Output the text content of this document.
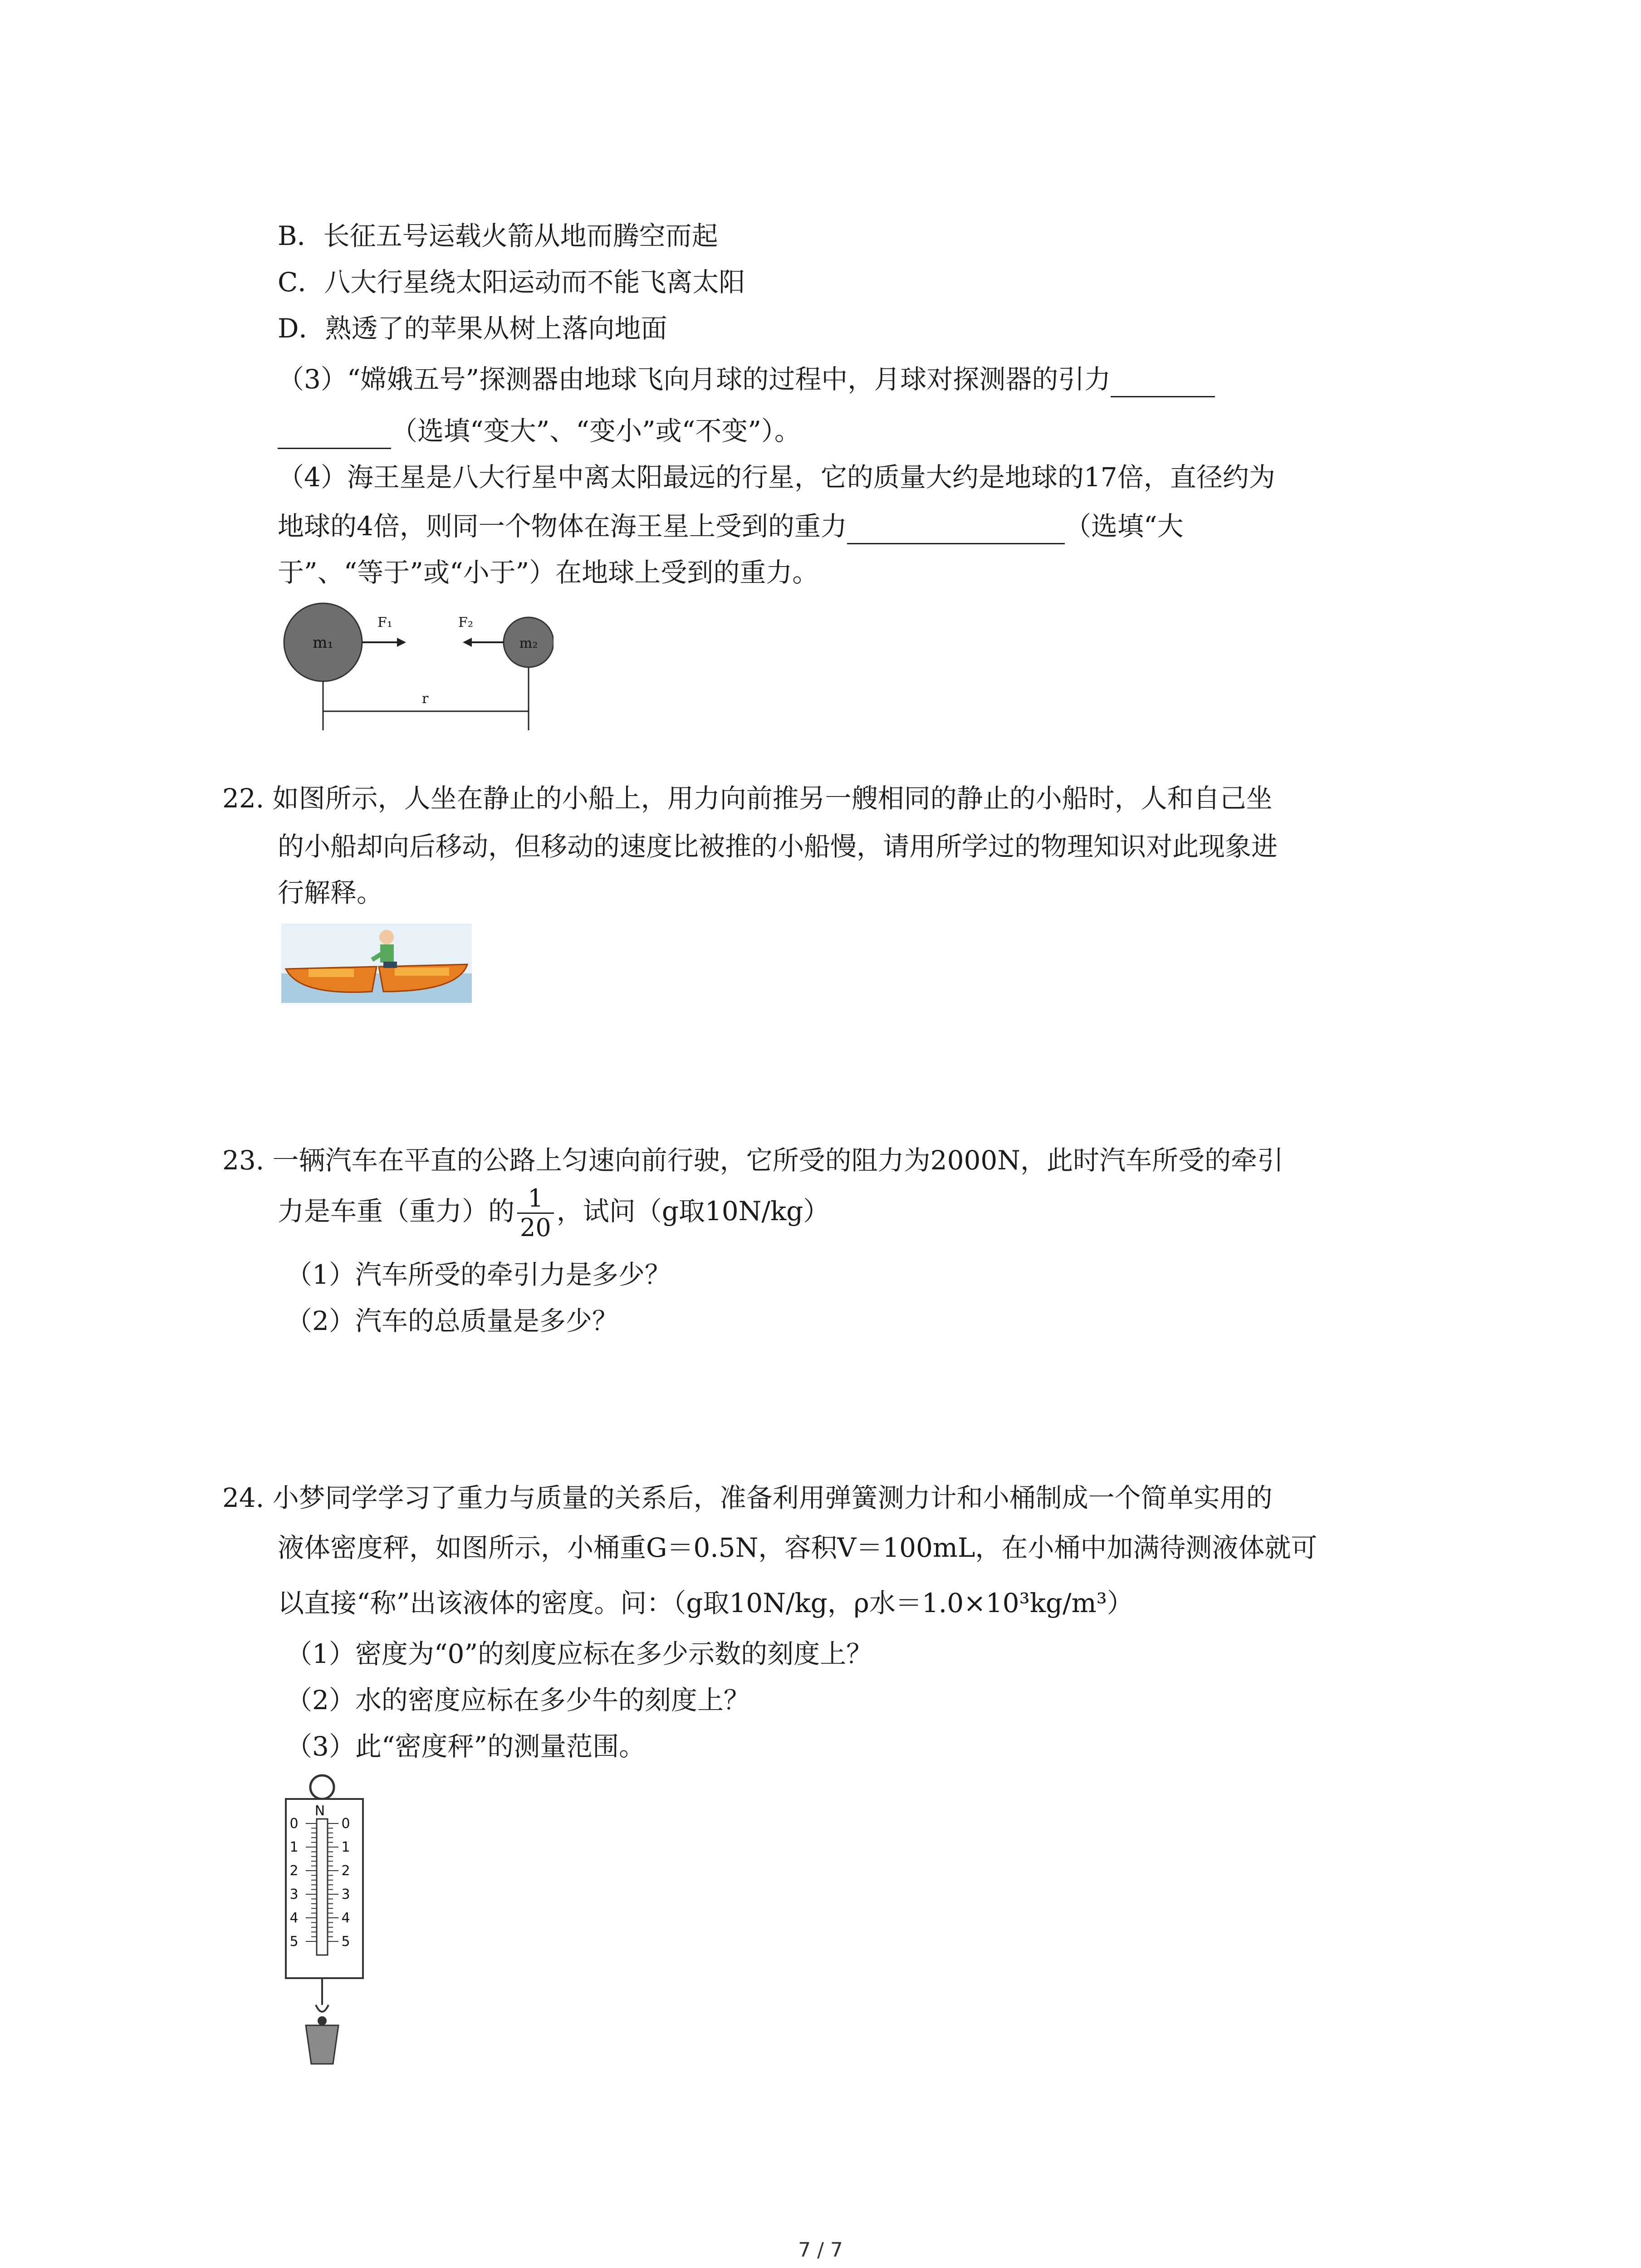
B．长征五号运载火箭从地而腾空而起
C．八大行星绕太阳运动而不能飞离太阳
D．熟透了的苹果从树上落向地面
（3）“嫦娥五号”探测器由地球飞向月球的过程中，月球对探测器的引力
（选填“变大”、“变小”或“不变”）。
（4）海王星是八大行星中离太阳最远的行星，它的质量大约是地球的17倍，直径约为
地球的4倍，则同一个物体在海王星上受到的重力	（选填“大
于”、“等于”或“小于”）在地球上受到的重力。
m₁	m₂
F₁	F₂
r
22. 如图所示，人坐在静止的小船上，用力向前推另一艘相同的静止的小船时，人和自己坐
的小船却向后移动，但移动的速度比被推的小船慢，请用所学过的物理知识对此现象进
行解释。
23. 一辆汽车在平直的公路上匀速向前行驶，它所受的阻力为2000N，此时汽车所受的牵引
力是车重（重力）的 $\frac{1}{20}$ ，试问（g取10N/kg）
（1）汽车所受的牵引力是多少？
（2）汽车的总质量是多少？
24. 小梦同学学习了重力与质量的关系后，准备利用弹簧测力计和小桶制成一个简单实用的
液体密度秤，如图所示，小桶重G＝0.5N，容积V＝100mL，在小桶中加满待测液体就可
以直接“称”出该液体的密度。问：（g取10N/kg，ρ水＝1.0×10³kg/m³）
（1）密度为“0”的刻度应标在多少示数的刻度上？
（2）水的密度应标在多少牛的刻度上？
（3）此“密度秤”的测量范围。
N
0	0
1	1
2	2
3	3
4	4
5	5
7 / 7
